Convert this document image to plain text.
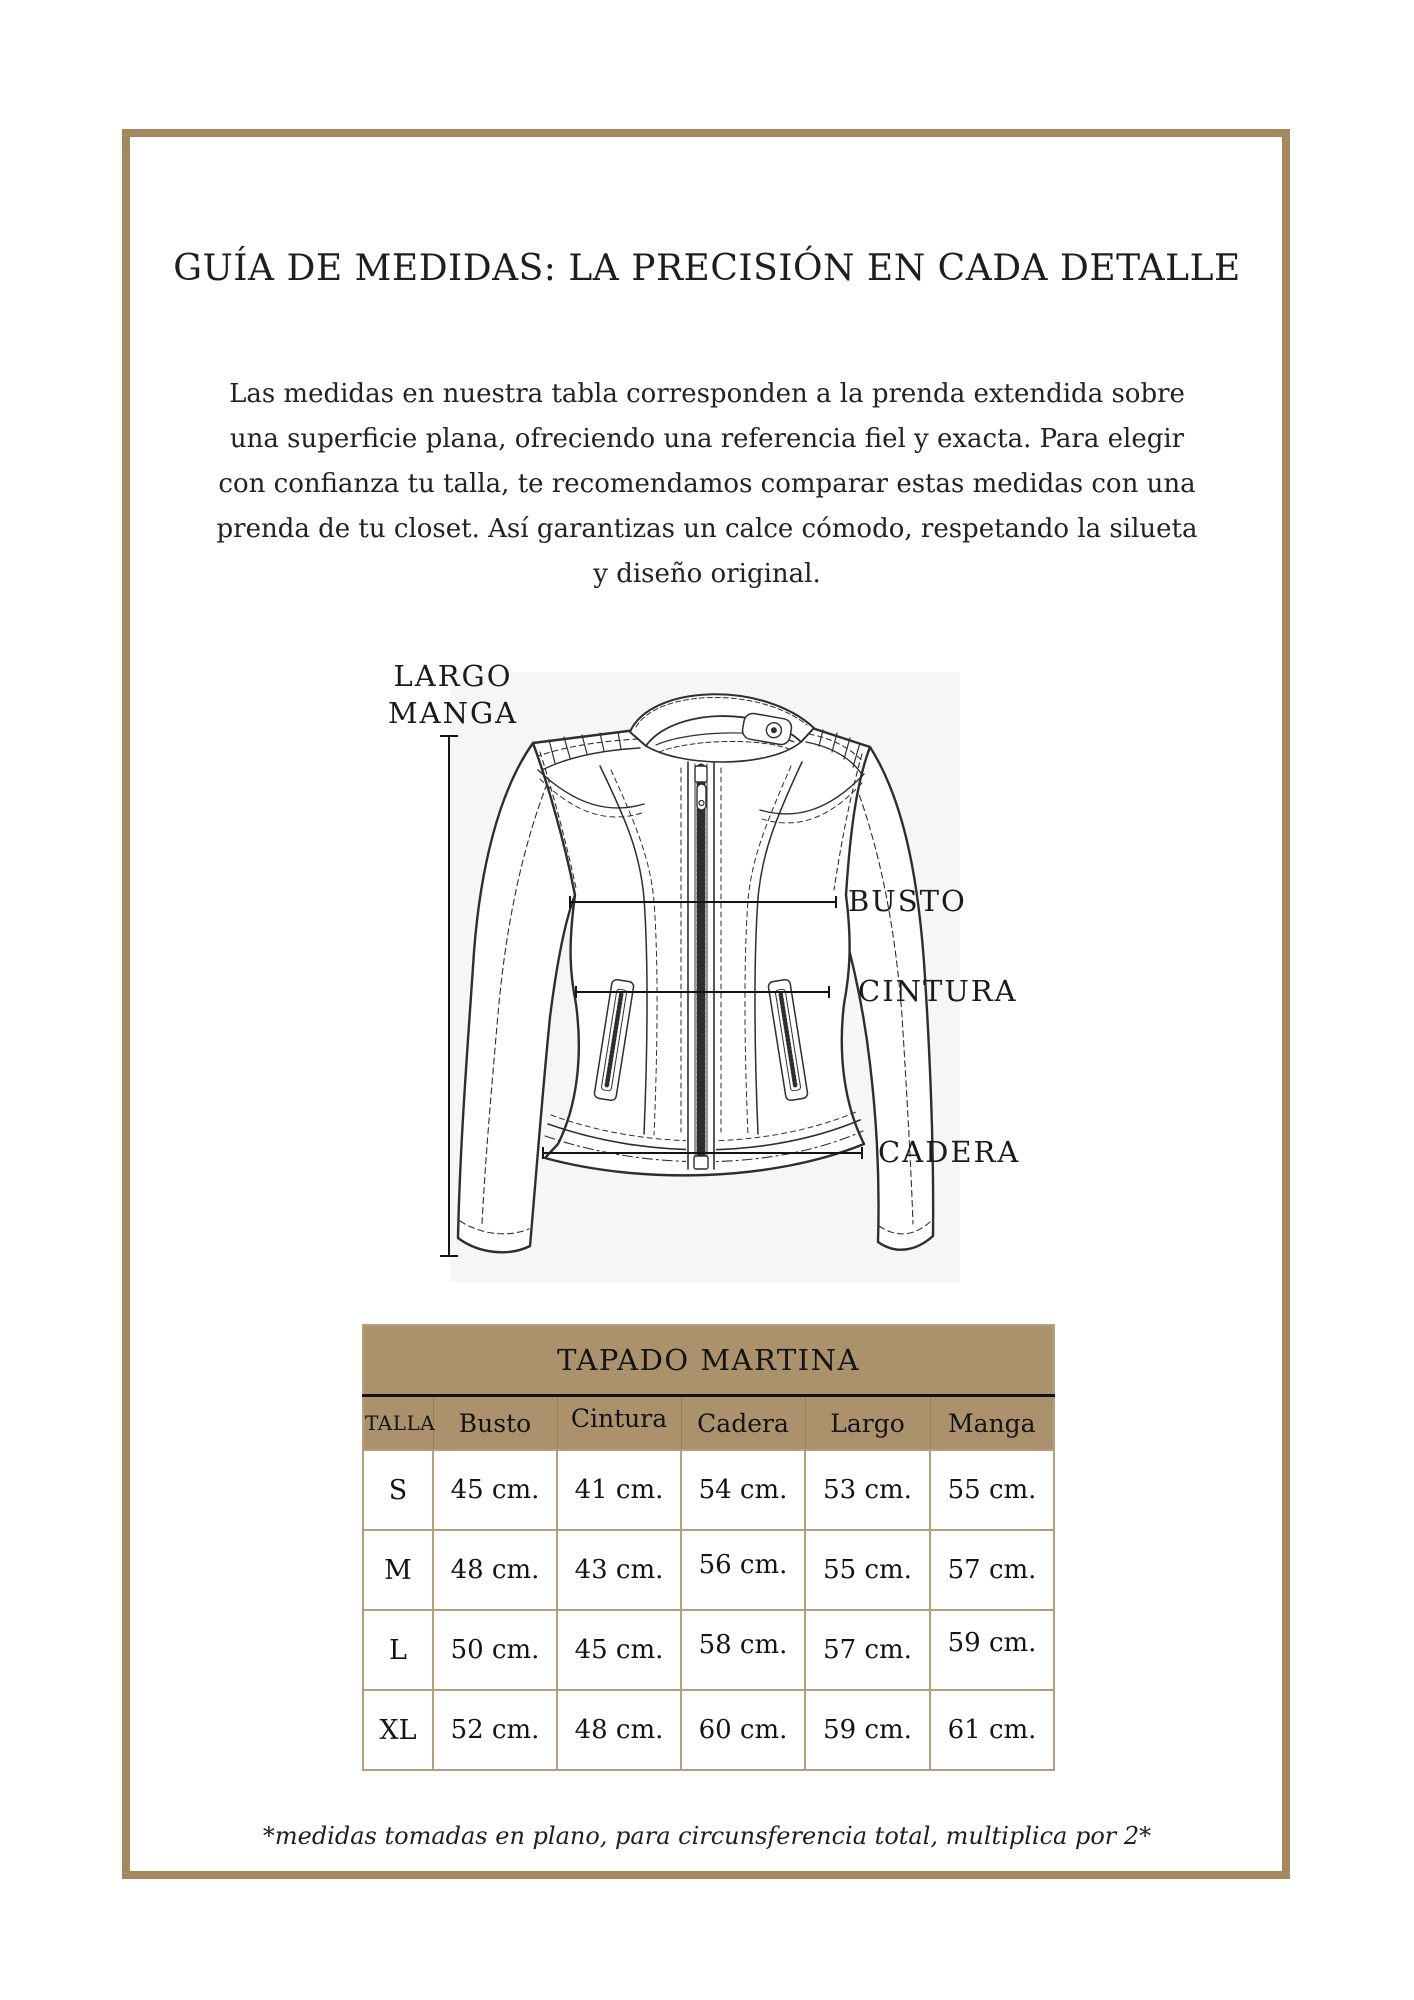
GUÍA DE MEDIDAS: LA PRECISIÓN EN CADA DETALLE
Las medidas en nuestra tabla corresponden a la prenda extendida sobre
una superficie plana, ofreciendo una referencia fiel y exacta. Para elegir
con confianza tu talla, te recomendamos comparar estas medidas con una
prenda de tu closet. Así garantizas un calce cómodo, respetando la silueta
y diseño original.
LARGO
MANGA
BUSTO
CINTURA
CADERA
TAPADO MARTINA					
TALLA	Busto	Cintura	Cadera	Largo	Manga
S	45 cm.	41 cm.	54 cm.	53 cm.	55 cm.
M	48 cm.	43 cm.	56 cm.	55 cm.	57 cm.
L	50 cm.	45 cm.	58 cm.	57 cm.	59 cm.
XL	52 cm.	48 cm.	60 cm.	59 cm.	61 cm.
*medidas tomadas en plano, para circunsferencia total, multiplica por 2*
